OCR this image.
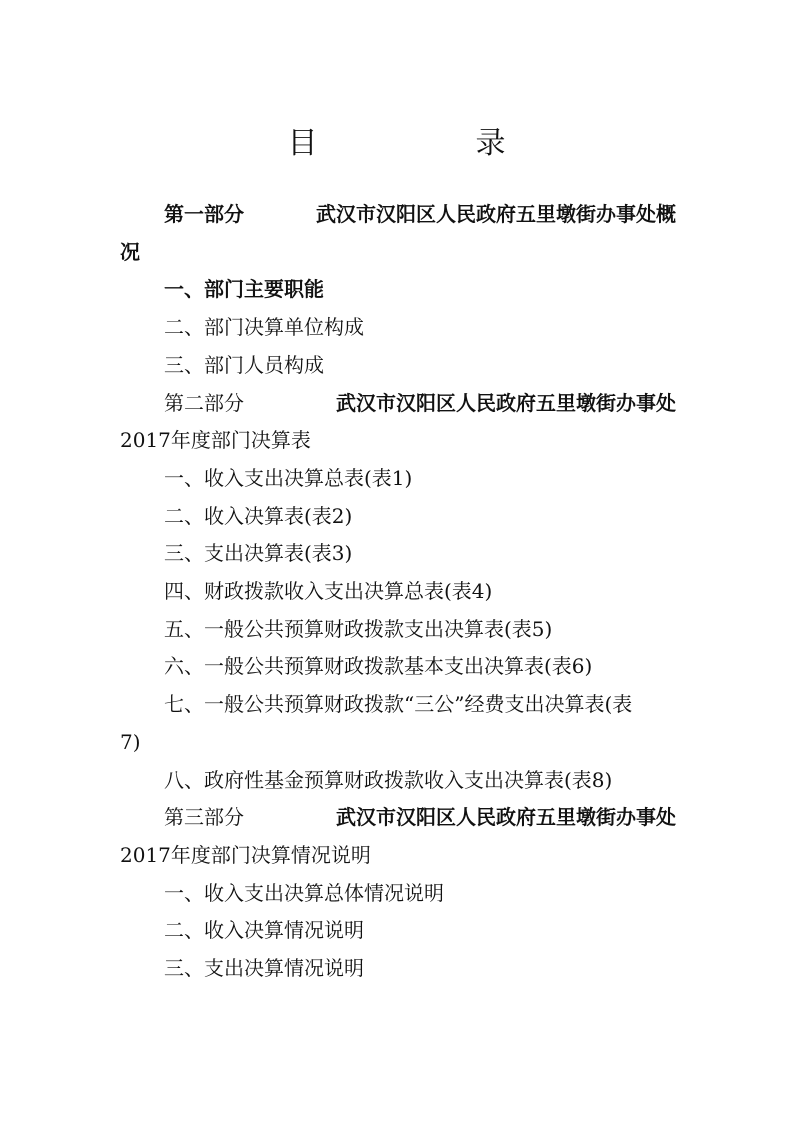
目　录
第一部分	武汉市汉阳区人民政府五里墩街办事处概
况
一、部门主要职能
二、部门决算单位构成
三、部门人员构成
第二部分	武汉市汉阳区人民政府五里墩街办事处
2017年度部门决算表
一、收入支出决算总表(表1)
二、收入决算表(表2)
三、支出决算表(表3)
四、财政拨款收入支出决算总表(表4)
五、一般公共预算财政拨款支出决算表(表5)
六、一般公共预算财政拨款基本支出决算表(表6)
七、一般公共预算财政拨款“三公”经费支出决算表(表
7)
八、政府性基金预算财政拨款收入支出决算表(表8)
第三部分	武汉市汉阳区人民政府五里墩街办事处
2017年度部门决算情况说明
一、收入支出决算总体情况说明
二、收入决算情况说明
三、支出决算情况说明
